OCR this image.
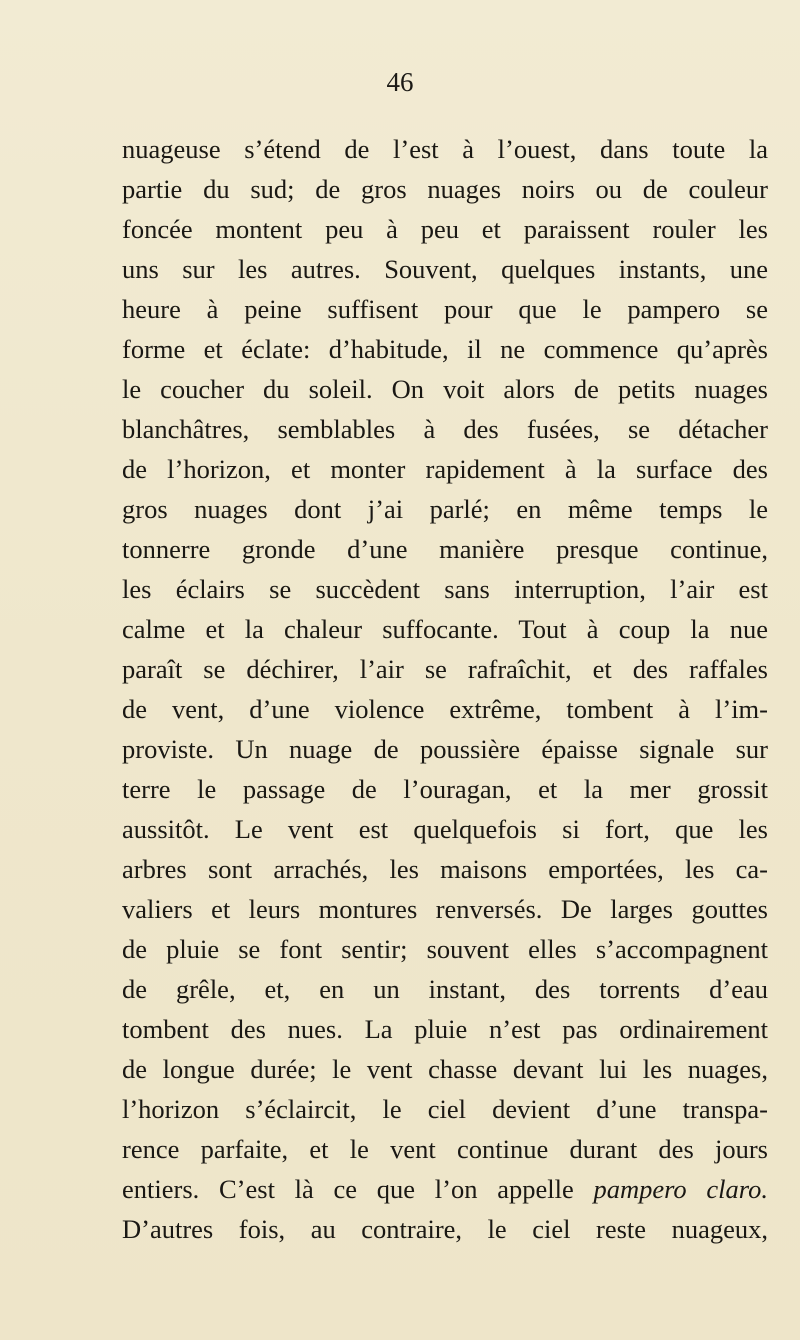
46
nuageuse s’étend de l’est à l’ouest, dans toute la
partie du sud; de gros nuages noirs ou de couleur
foncée montent peu à peu et paraissent rouler les
uns sur les autres. Souvent, quelques instants, une
heure à peine suffisent pour que le pampero se
forme et éclate: d’habitude, il ne commence qu’après
le coucher du soleil. On voit alors de petits nuages
blanchâtres, semblables à des fusées, se détacher
de l’horizon, et monter rapidement à la surface des
gros nuages dont j’ai parlé; en même temps le
tonnerre gronde d’une manière presque continue,
les éclairs se succèdent sans interruption, l’air est
calme et la chaleur suffocante. Tout à coup la nue
paraît se déchirer, l’air se rafraîchit, et des raffales
de vent, d’une violence extrême, tombent à l’im-
proviste. Un nuage de poussière épaisse signale sur
terre le passage de l’ouragan, et la mer grossit
aussitôt. Le vent est quelquefois si fort, que les
arbres sont arrachés, les maisons emportées, les ca-
valiers et leurs montures renversés. De larges gouttes
de pluie se font sentir; souvent elles s’accompagnent
de grêle, et, en un instant, des torrents d’eau
tombent des nues. La pluie n’est pas ordinairement
de longue durée; le vent chasse devant lui les nuages,
l’horizon s’éclaircit, le ciel devient d’une transpa-
rence parfaite, et le vent continue durant des jours
entiers. C’est là ce que l’on appelle pampero claro.
D’autres fois, au contraire, le ciel reste nuageux,
